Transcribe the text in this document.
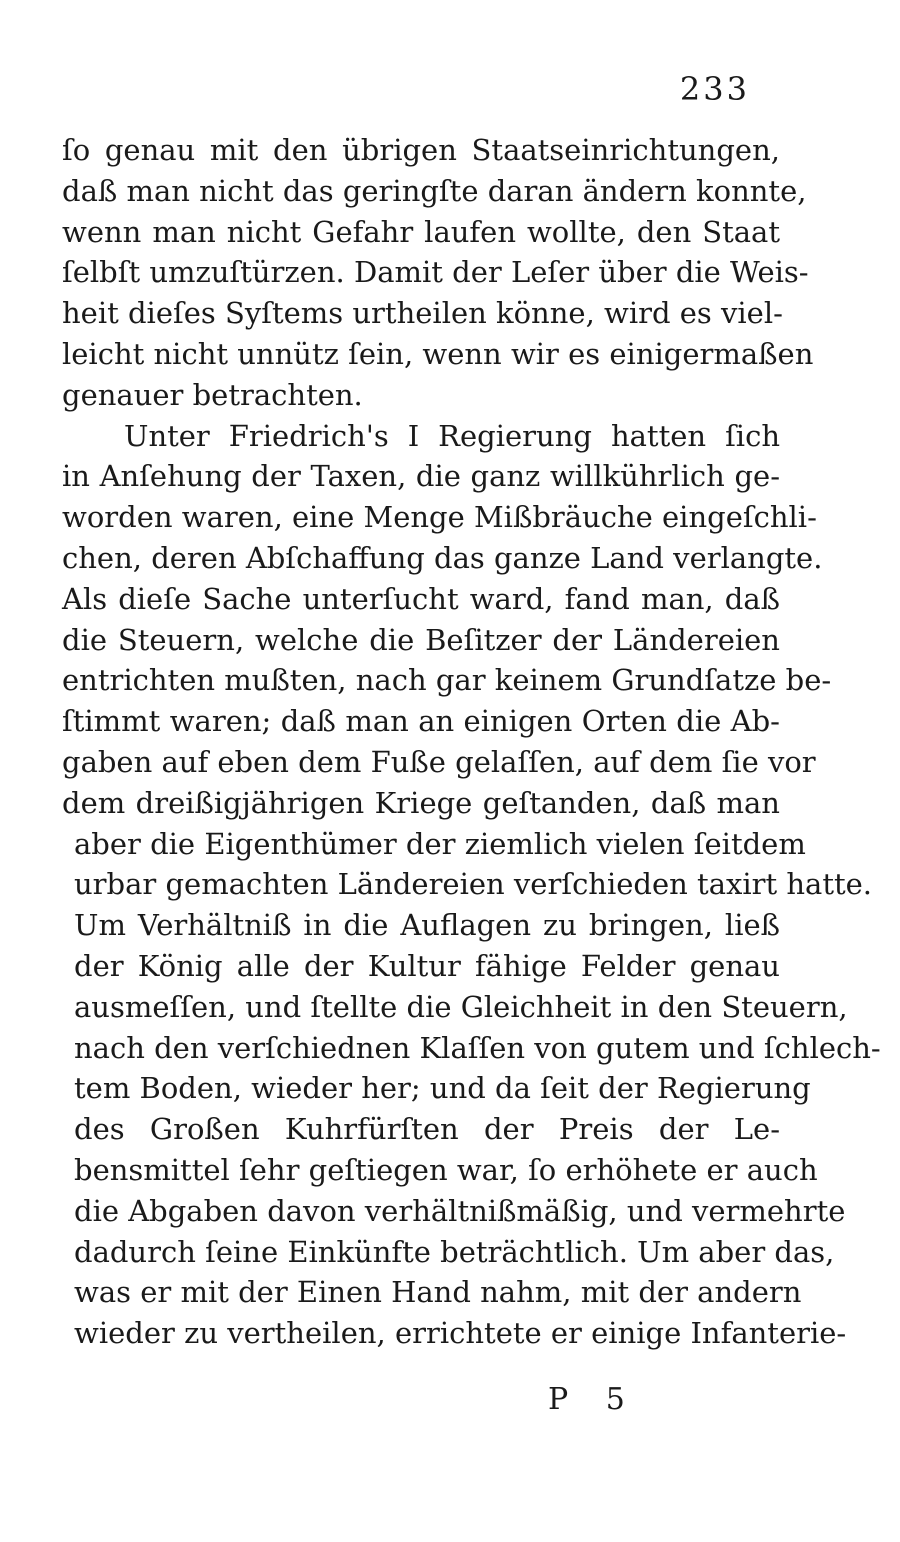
233
ſo genau mit den übrigen Staatseinrichtungen,
daß man nicht das geringſte daran ändern konnte,
wenn man nicht Gefahr laufen wollte, den Staat
ſelbſt umzuſtürzen. Damit der Leſer über die Weis-
heit dieſes Syſtems urtheilen könne, wird es viel-
leicht nicht unnütz ſein, wenn wir es einigermaßen
genauer betrachten.
Unter Friedrich's I Regierung hatten ſich
in Anſehung der Taxen, die ganz willkührlich ge-
worden waren, eine Menge Mißbräuche eingeſchli-
chen, deren Abſchaffung das ganze Land verlangte.
Als dieſe Sache unterſucht ward, fand man, daß
die Steuern, welche die Beſitzer der Ländereien
entrichten mußten, nach gar keinem Grundſatze be-
ſtimmt waren; daß man an einigen Orten die Ab-
gaben auf eben dem Fuße gelaſſen, auf dem ſie vor
dem dreißigjährigen Kriege geſtanden, daß man
aber die Eigenthümer der ziemlich vielen ſeitdem
urbar gemachten Ländereien verſchieden taxirt hatte.
Um Verhältniß in die Auflagen zu bringen, ließ
der König alle der Kultur fähige Felder genau
ausmeſſen, und ſtellte die Gleichheit in den Steuern,
nach den verſchiednen Klaſſen von gutem und ſchlech-
tem Boden, wieder her; und da ſeit der Regierung
des Großen Kuhrfürſten der Preis der Le-
bensmittel ſehr geſtiegen war, ſo erhöhete er auch
die Abgaben davon verhältnißmäßig, und vermehrte
dadurch ſeine Einkünfte beträchtlich. Um aber das,
was er mit der Einen Hand nahm, mit der andern
wieder zu vertheilen, errichtete er einige Infanterie-
P 5
